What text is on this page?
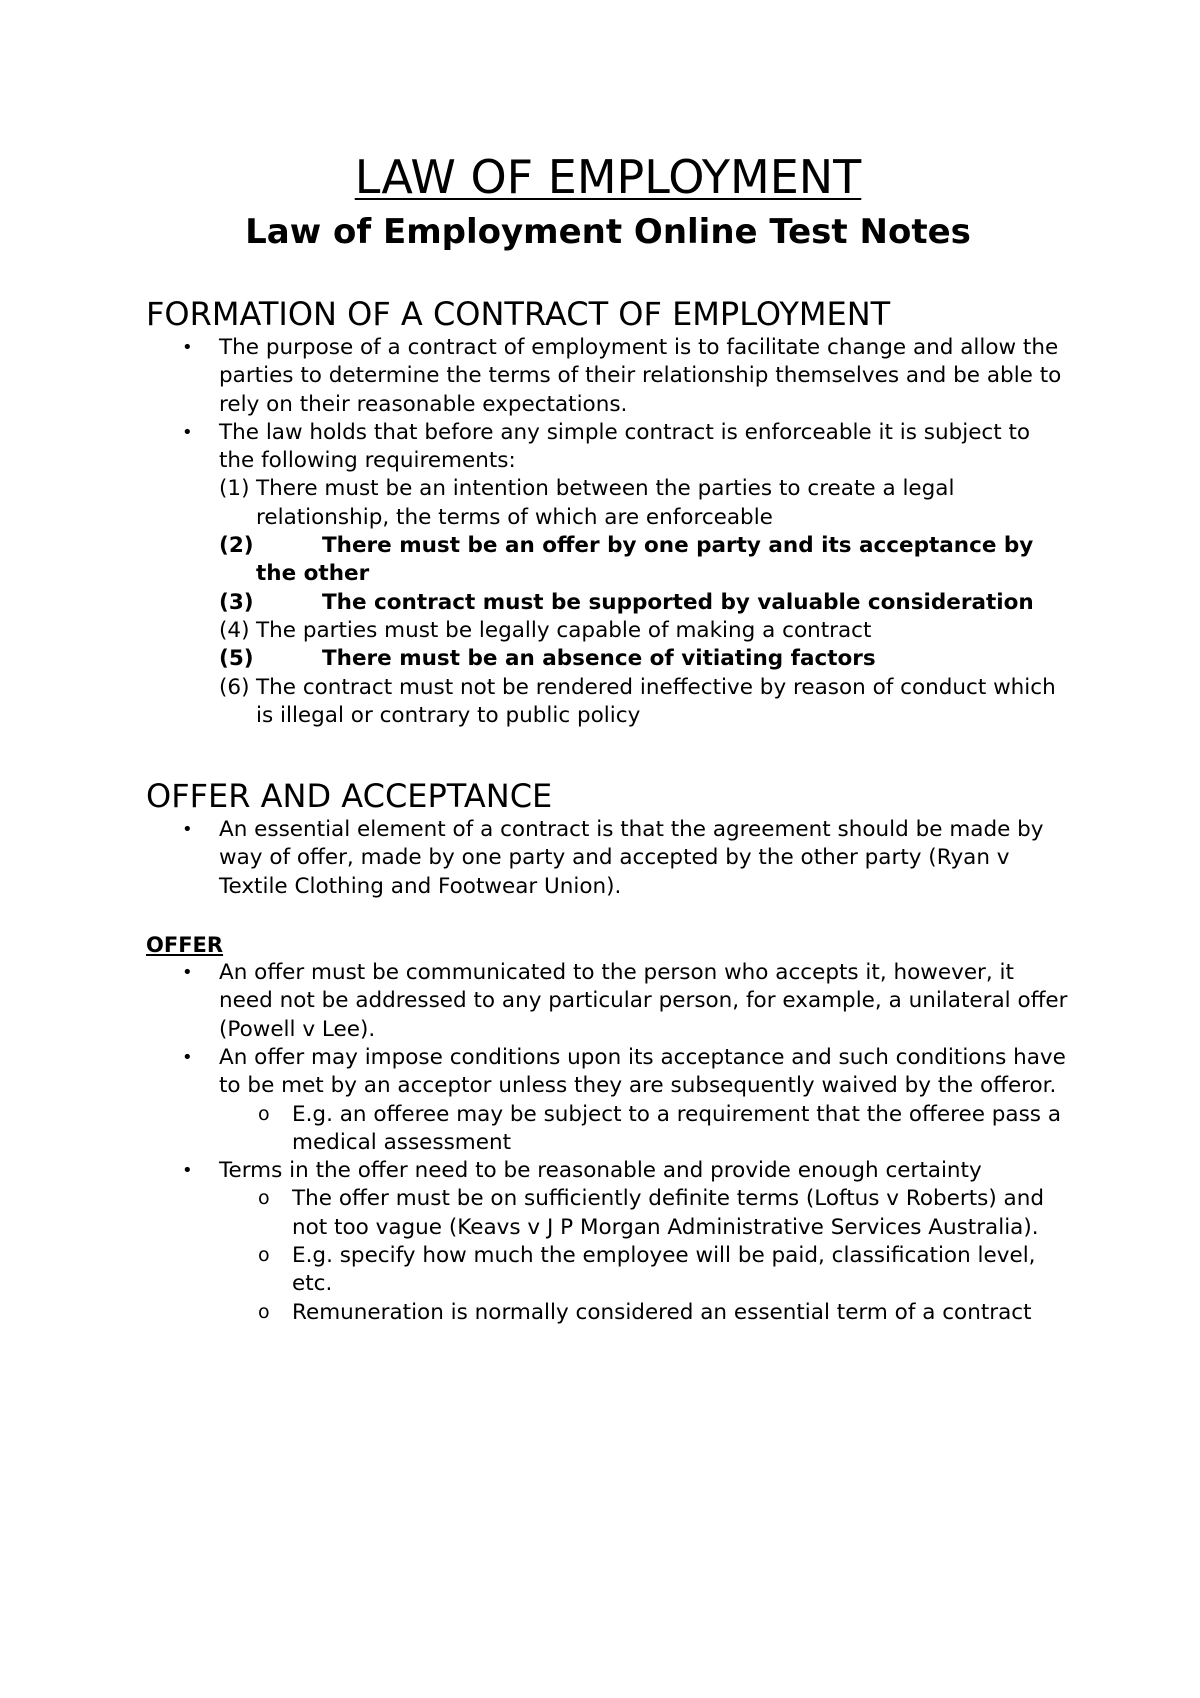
LAW OF EMPLOYMENT
Law of Employment Online Test Notes
FORMATION OF A CONTRACT OF EMPLOYMENT
• The purpose of a contract of employment is to facilitate change and allow the parties to determine the terms of their relationship themselves and be able to rely on their reasonable expectations.
• The law holds that before any simple contract is enforceable it is subject to the following requirements:
(1) There must be an intention between the parties to create a legal relationship, the terms of which are enforceable
(2)	There must be an offer by one party and its acceptance by the other
(3)	The contract must be supported by valuable consideration
(4) The parties must be legally capable of making a contract
(5)	There must be an absence of vitiating factors
(6) The contract must not be rendered ineffective by reason of conduct which is illegal or contrary to public policy
OFFER AND ACCEPTANCE
• An essential element of a contract is that the agreement should be made by way of offer, made by one party and accepted by the other party (Ryan v Textile Clothing and Footwear Union).
OFFER
• An offer must be communicated to the person who accepts it, however, it need not be addressed to any particular person, for example, a unilateral offer (Powell v Lee).
• An offer may impose conditions upon its acceptance and such conditions have to be met by an acceptor unless they are subsequently waived by the offeror.
o E.g. an offeree may be subject to a requirement that the offeree pass a medical assessment
• Terms in the offer need to be reasonable and provide enough certainty
o The offer must be on sufficiently definite terms (Loftus v Roberts) and not too vague (Keavs v J P Morgan Administrative Services Australia).
o E.g. specify how much the employee will be paid, classification level, etc.
o Remuneration is normally considered an essential term of a contract
